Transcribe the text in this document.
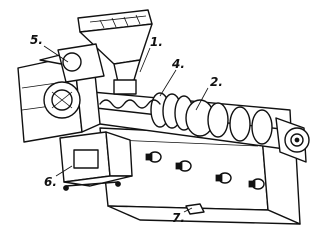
1.
2.
4.
5.
6.
7.
